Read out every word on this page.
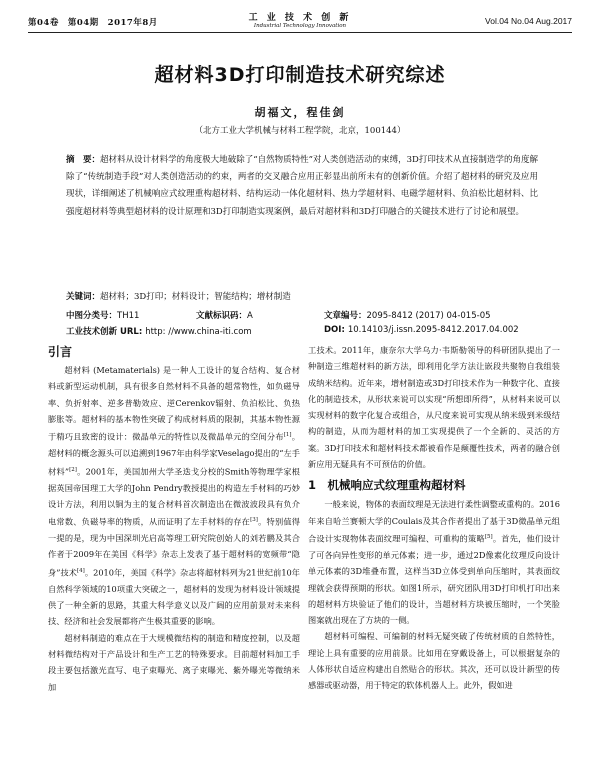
第04卷　第04期　2017年8月	工 业 技 术 创 新
Industrial Technology Innovation	Vol.04 No.04 Aug.2017
超材料3D打印制造技术研究综述
胡福文，程佳剑
（北方工业大学机械与材料工程学院，北京，100144）
摘　要：超材料从设计材料学的角度极大地破除了“自然物质特性”对人类创造活动的束缚，3D打印技术从直接制造学的角度解除了“传统制造手段”对人类创造活动的约束，两者的交叉融合应用正彰显出前所未有的创新价值。介绍了超材料的研究及应用现状，详细阐述了机械响应式纹理重构超材料、结构运动一体化超材料、热力学超材料、电磁学超材料、负泊松比超材料、比强度超材料等典型超材料的设计原理和3D打印制造实现案例，最后对超材料和3D打印融合的关键技术进行了讨论和展望。
关键词：超材料；3D打印；材料设计；智能结构；增材制造
中图分类号：TH11	文献标识码：A	文章编号：2095-8412 (2017) 04-015-05
工业技术创新 URL: http: //www.china-iti.com	DOI: 10.14103/j.issn.2095-8412.2017.04.002
引言

超材料 (Metamaterials) 是一种人工设计的复合结构、复合材料或新型运动机制，具有很多自然材料不具备的超常物性，如负磁导率、负折射率、逆多普勒效应、逆Cerenkov辐射、负泊松比、负热膨胀等。超材料的基本物性突破了构成材料质的限制，其基本物性源于精巧且致密的设计：微晶单元的特性以及微晶单元的空间分布[1]。超材料的概念源头可以追溯到1967年由科学家Veselago提出的“左手材料”[2]。2001年，美国加州大学圣迭戈分校的Smith等物理学家根据英国帝国理工大学的John Pendry教授提出的构造左手材料的巧妙设计方法，利用以铜为主的复合材料首次制造出在微波波段具有负介电常数、负磁导率的物质，从而证明了左手材料的存在[3]。特别值得一提的是，现为中国深圳光启高等理工研究院创始人的刘若鹏及其合作者于2009年在美国《科学》杂志上发表了基于超材料的宽频带“隐身”技术[4]。2010年，美国《科学》杂志将超材料列为21世纪前10年自然科学领域的10项重大突破之一，超材料的发现为材料设计领域提供了一种全新的思路，其重大科学意义以及广阔的应用前景对未来科技、经济和社会发展都将产生极其重要的影响。

超材料制造的难点在于大规模微结构的制造和精度控制，以及超材料微结构对于产品设计和生产工艺的特殊要求。目前超材料加工手段主要包括激光直写、电子束曝光、离子束曝光、紫外曝光等微纳米加

工技术。2011年，康奈尔大学乌力·韦斯勒领导的科研团队提出了一种制造三维超材料的新方法，即利用化学方法让嵌段共聚物自我组装成纳米结构。近年来，增材制造或3D打印技术作为一种数字化、直接化的制造技术，从形状来说可以实现“所想即所得”，从材料来说可以实现材料的数字化复合或组合，从尺度来说可实现从纳米级到米级结构的制造，从而为超材料的加工实现提供了一个全新的、灵活的方案。3D打印技术和超材料技术都被看作是颠覆性技术，两者的融合创新应用无疑具有不可预估的价值。

1　机械响应式纹理重构超材料

一般来说，物体的表面纹理是无法进行柔性调整或重构的。2016年来自哈兰赛顿大学的Coulais及其合作者提出了基于3D微晶单元组合设计实现物体表面纹理可编程、可重构的策略[5]。首先，他们设计了可各向异性变形的单元体素；进一步，通过2D像素化纹理反向设计单元体素的3D堆叠布置，这样当3D立体受到单向压缩时，其表面纹理就会获得预期的形状。如图1所示，研究团队用3D打印机打印出来的超材料方块验证了他们的设计，当超材料方块被压缩时，一个笑脸图案就出现在了方块的一侧。

超材料可编程、可编制的材料无疑突破了传统材质的自然特性，理论上具有重要的应用前景。比如用在穿戴设备上，可以根据复杂的人体形状自适应构建出自然贴合的形状。其次，还可以设计新型的传感器或驱动器，用于特定的软体机器人上。此外，假如进
